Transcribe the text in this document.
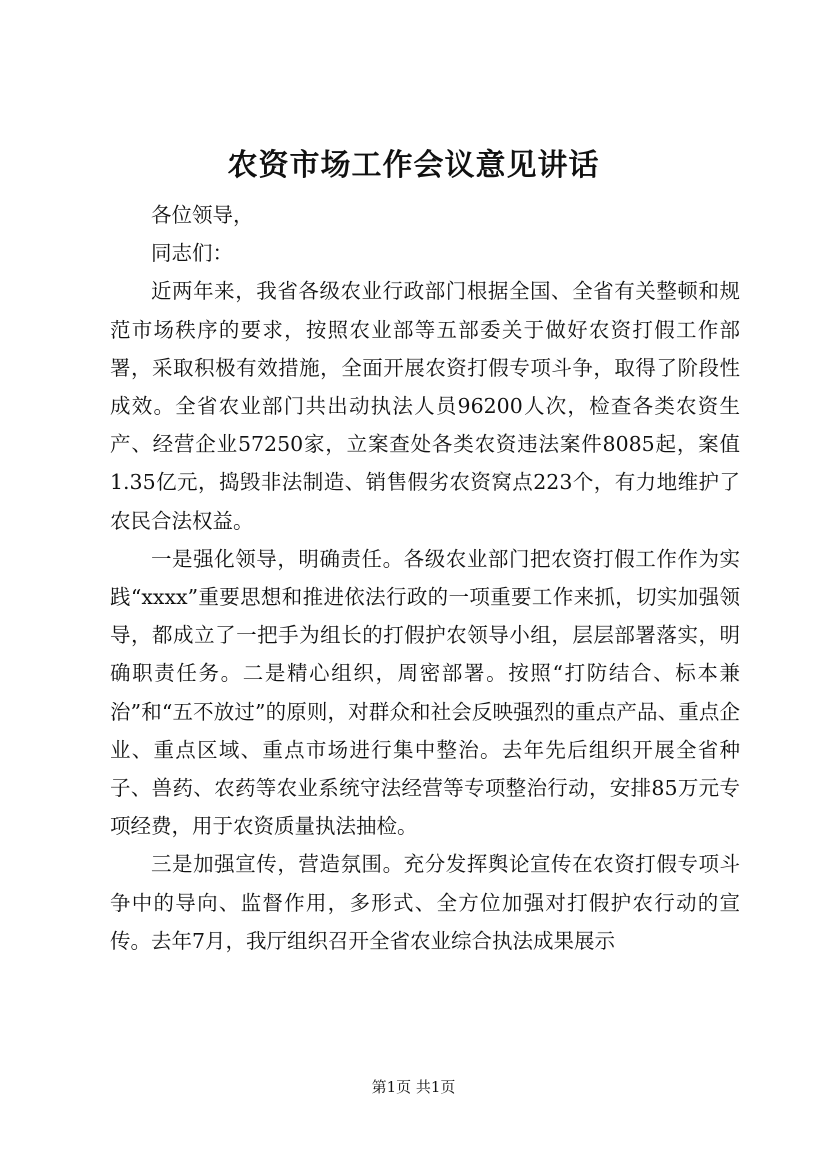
农资市场工作会议意见讲话

各位领导，

同志们：

近两年来，我省各级农业行政部门根据全国、全省有关整顿和规范市场秩序的要求，按照农业部等五部委关于做好农资打假工作部署，采取积极有效措施，全面开展农资打假专项斗争，取得了阶段性成效。全省农业部门共出动执法人员96200人次，检查各类农资生产、经营企业57250家，立案查处各类农资违法案件8085起，案值1.35亿元，捣毁非法制造、销售假劣农资窝点223个，有力地维护了农民合法权益。

一是强化领导，明确责任。各级农业部门把农资打假工作作为实践“xxxx”重要思想和推进依法行政的一项重要工作来抓，切实加强领导，都成立了一把手为组长的打假护农领导小组，层层部署落实，明确职责任务。二是精心组织，周密部署。按照“打防结合、标本兼治”和“五不放过”的原则，对群众和社会反映强烈的重点产品、重点企业、重点区域、重点市场进行集中整治。去年先后组织开展全省种子、兽药、农药等农业系统守法经营等专项整治行动，安排85万元专项经费，用于农资质量执法抽检。

三是加强宣传，营造氛围。充分发挥舆论宣传在农资打假专项斗争中的导向、监督作用，多形式、全方位加强对打假护农行动的宣传。去年7月，我厅组织召开全省农业综合执法成果展示

第1页 共1页
